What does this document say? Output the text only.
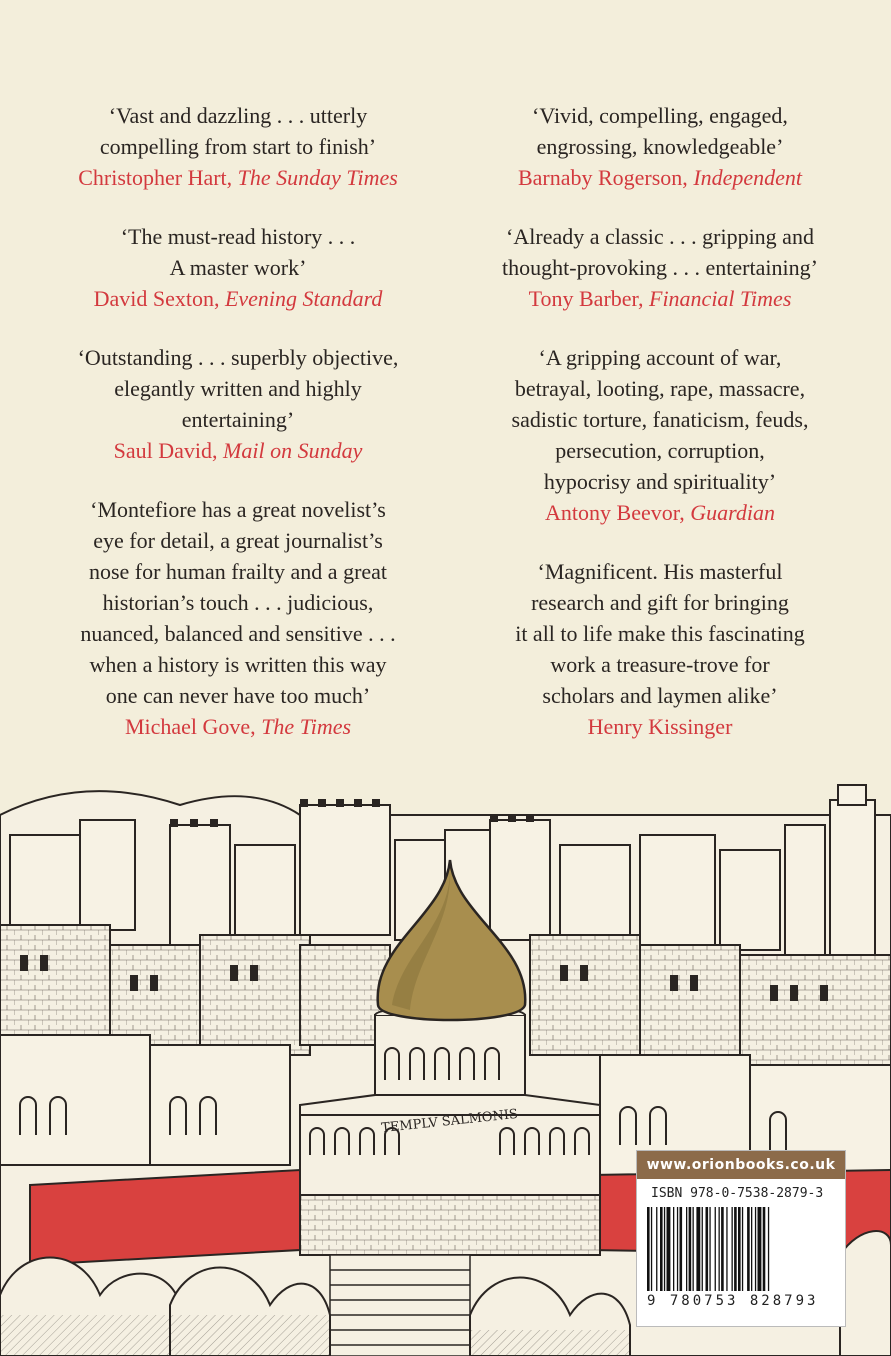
‘Vast and dazzling . . . utterly
compelling from start to finish’

Christopher Hart, The Sunday Times

‘The must-read history . . .
A master work’

David Sexton, Evening Standard

‘Outstanding . . . superbly objective,
elegantly written and highly
entertaining’

Saul David, Mail on Sunday

‘Montefiore has a great novelist’s
eye for detail, a great journalist’s
nose for human frailty and a great
historian’s touch . . . judicious,
nuanced, balanced and sensitive . . .
when a history is written this way
one can never have too much’

Michael Gove, The Times

‘Vivid, compelling, engaged,
engrossing, knowledgeable’

Barnaby Rogerson, Independent

‘Already a classic . . . gripping and
thought-provoking . . . entertaining’

Tony Barber, Financial Times

‘A gripping account of war,
betrayal, looting, rape, massacre,
sadistic torture, fanaticism, feuds,
persecution, corruption,
hypocrisy and spirituality’

Antony Beevor, Guardian

‘Magnificent. His masterful
research and gift for bringing
it all to life make this fascinating
work a treasure-trove for
scholars and laymen alike’

Henry Kissinger

TEMPLV SALMONIS
www.orionbooks.co.uk
ISBN 978-0-7538-2879-3
9 780753 828793
